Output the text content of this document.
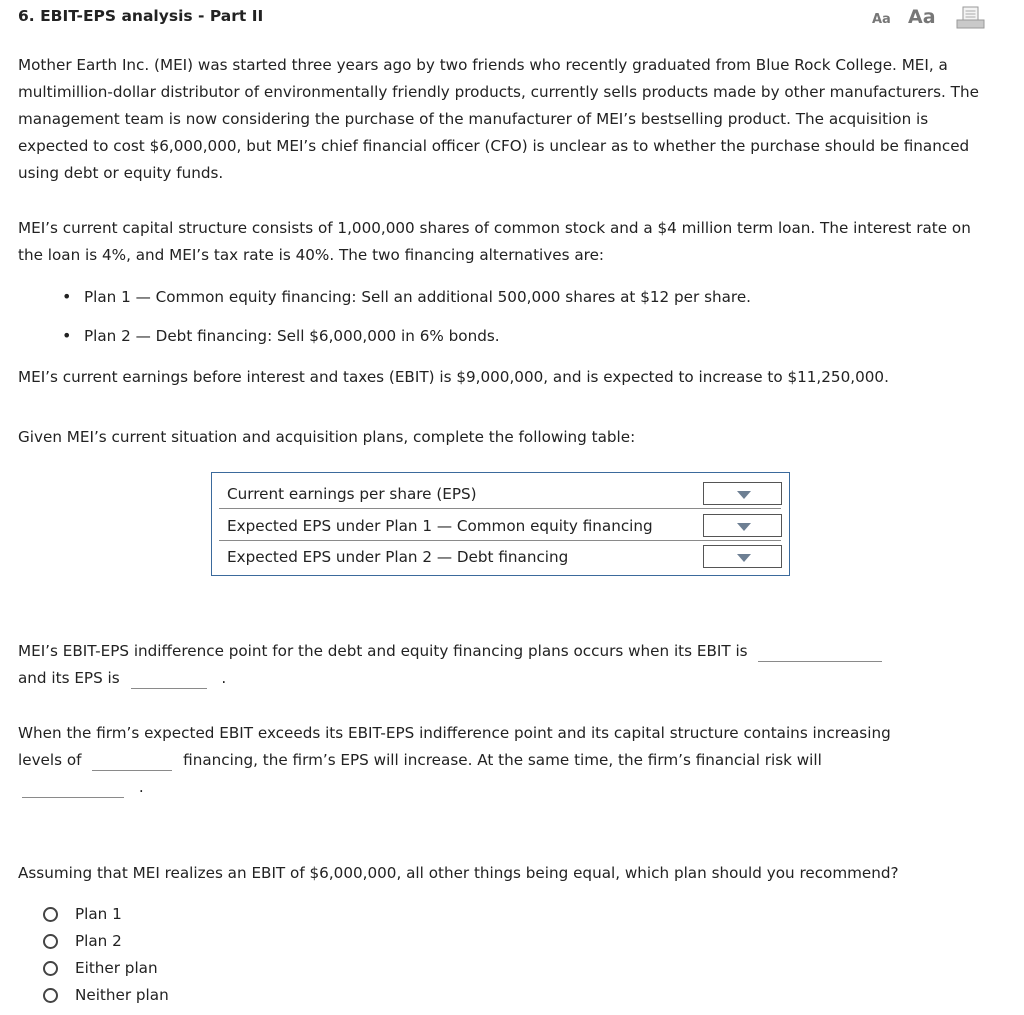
6. EBIT-EPS analysis - Part II	Aa Aa

Mother Earth Inc. (MEI) was started three years ago by two friends who recently graduated from Blue Rock College. MEI, a multimillion-dollar distributor of environmentally friendly products, currently sells products made by other manufacturers. The management team is now considering the purchase of the manufacturer of MEI’s bestselling product. The acquisition is expected to cost $6,000,000, but MEI’s chief financial officer (CFO) is unclear as to whether the purchase should be financed using debt or equity funds.

MEI’s current capital structure consists of 1,000,000 shares of common stock and a $4 million term loan. The interest rate on the loan is 4%, and MEI’s tax rate is 40%. The two financing alternatives are:

• Plan 1 — Common equity financing: Sell an additional 500,000 shares at $12 per share.
• Plan 2 — Debt financing: Sell $6,000,000 in 6% bonds.

MEI’s current earnings before interest and taxes (EBIT) is $9,000,000, and is expected to increase to $11,250,000.

Given MEI’s current situation and acquisition plans, complete the following table:

Current earnings per share (EPS)
Expected EPS under Plan 1 — Common equity financing
Expected EPS under Plan 2 — Debt financing
MEI’s EBIT-EPS indifference point for the debt and equity financing plans occurs when its EBIT is
and its EPS is	.

When the firm’s expected EBIT exceeds its EBIT-EPS indifference point and its capital structure contains increasing

levels of	financing, the firm’s EPS will increase. At the same time, the firm’s financial risk will
.

Assuming that MEI realizes an EBIT of $6,000,000, all other things being equal, which plan should you recommend?

Plan 1
Plan 2
Either plan
Neither plan
